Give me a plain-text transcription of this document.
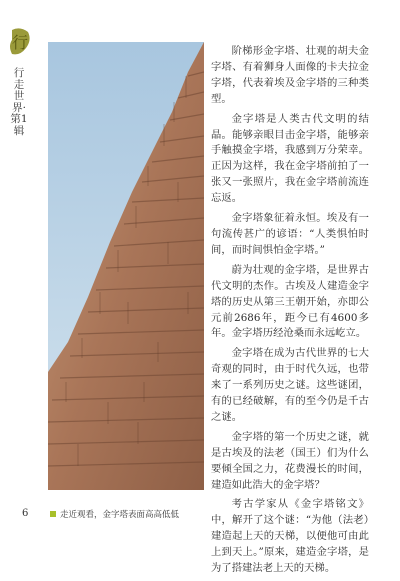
行
行走世界·第1辑

阶梯形金字塔、壮观的胡夫金字塔、有着狮身人面像的卡夫拉金字塔，代表着埃及金字塔的三种类型。

金字塔是人类古代文明的结晶。能够亲眼目击金字塔，能够亲手触摸金字塔，我感到万分荣幸。正因为这样，我在金字塔前拍了一张又一张照片，我在金字塔前流连忘返。

金字塔象征着永恒。埃及有一句流传甚广的谚语：“人类惧怕时间，而时间惧怕金字塔。”

蔚为壮观的金字塔，是世界古代文明的杰作。古埃及人建造金字塔的历史从第三王朝开始，亦即公元前2686年，距今已有4600多年。金字塔历经沧桑而永远屹立。

金字塔在成为古代世界的七大奇观的同时，由于时代久远，也带来了一系列历史之谜。这些谜团，有的已经破解，有的至今仍是千古之谜。

金字塔的第一个历史之谜，就是古埃及的法老（国王）们为什么要倾全国之力，花费漫长的时间，建造如此浩大的金字塔？

考古学家从《金字塔铭文》中，解开了这个谜：“为他（法老）建造起上天的天梯，以便他可由此上到天上。”原来，建造金字塔，是为了搭建法老上天的天梯。

6	走近观看，金字塔表面高高低低
